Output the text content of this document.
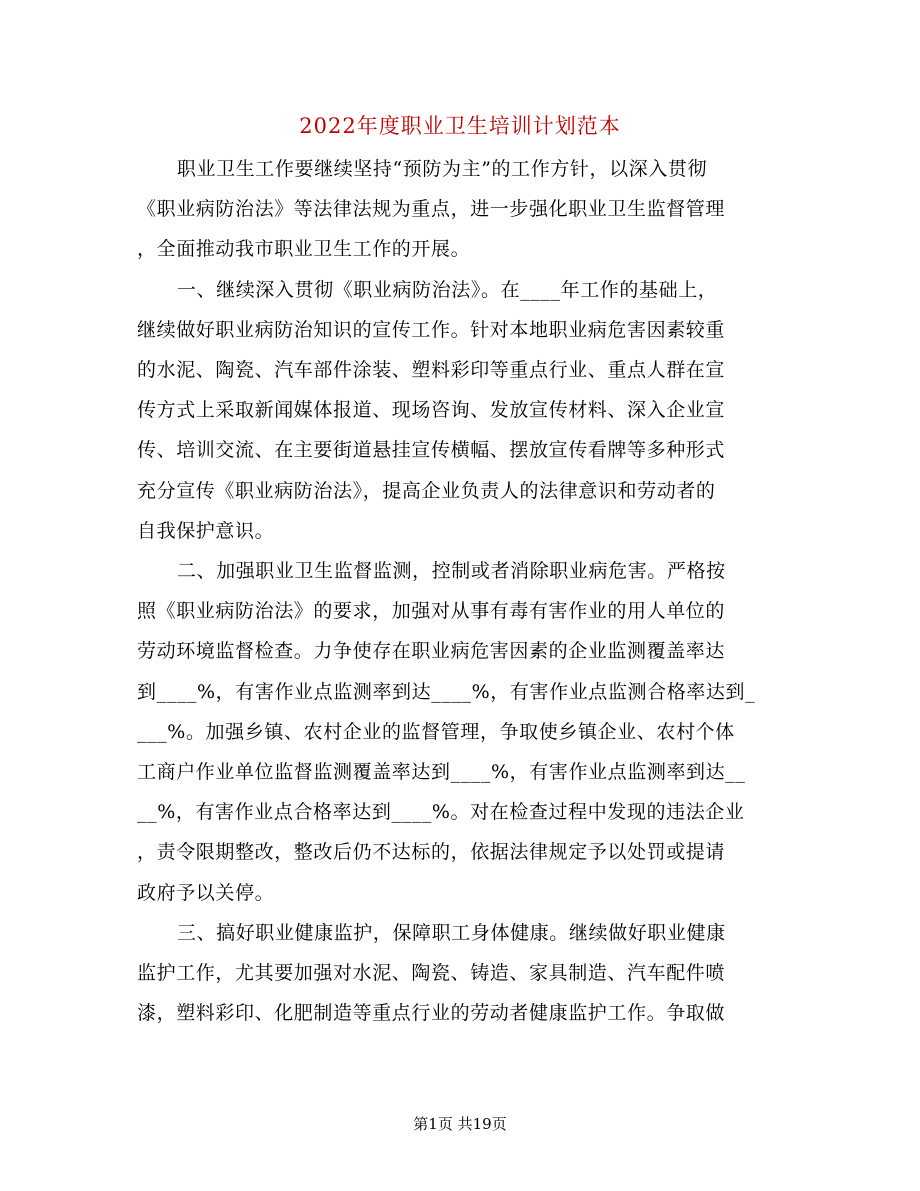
2022年度职业卫生培训计划范本
职业卫生工作要继续坚持“预防为主”的工作方针，以深入贯彻
《职业病防治法》等法律法规为重点，进一步强化职业卫生监督管理
，全面推动我市职业卫生工作的开展。
一、继续深入贯彻《职业病防治法》。在____年工作的基础上，
继续做好职业病防治知识的宣传工作。针对本地职业病危害因素较重
的水泥、陶瓷、汽车部件涂装、塑料彩印等重点行业、重点人群在宣
传方式上采取新闻媒体报道、现场咨询、发放宣传材料、深入企业宣
传、培训交流、在主要街道悬挂宣传横幅、摆放宣传看牌等多种形式
充分宣传《职业病防治法》，提高企业负责人的法律意识和劳动者的
自我保护意识。
二、加强职业卫生监督监测，控制或者消除职业病危害。严格按
照《职业病防治法》的要求，加强对从事有毒有害作业的用人单位的
劳动环境监督检查。力争使存在职业病危害因素的企业监测覆盖率达
到____%，有害作业点监测率到达____%，有害作业点监测合格率达到_
___%。加强乡镇、农村企业的监督管理，争取使乡镇企业、农村个体
工商户作业单位监督监测覆盖率达到____%，有害作业点监测率到达__
__%，有害作业点合格率达到____%。对在检查过程中发现的违法企业
，责令限期整改，整改后仍不达标的，依据法律规定予以处罚或提请
政府予以关停。
三、搞好职业健康监护，保障职工身体健康。继续做好职业健康
监护工作，尤其要加强对水泥、陶瓷、铸造、家具制造、汽车配件喷
漆，塑料彩印、化肥制造等重点行业的劳动者健康监护工作。争取做
第1页 共19页
